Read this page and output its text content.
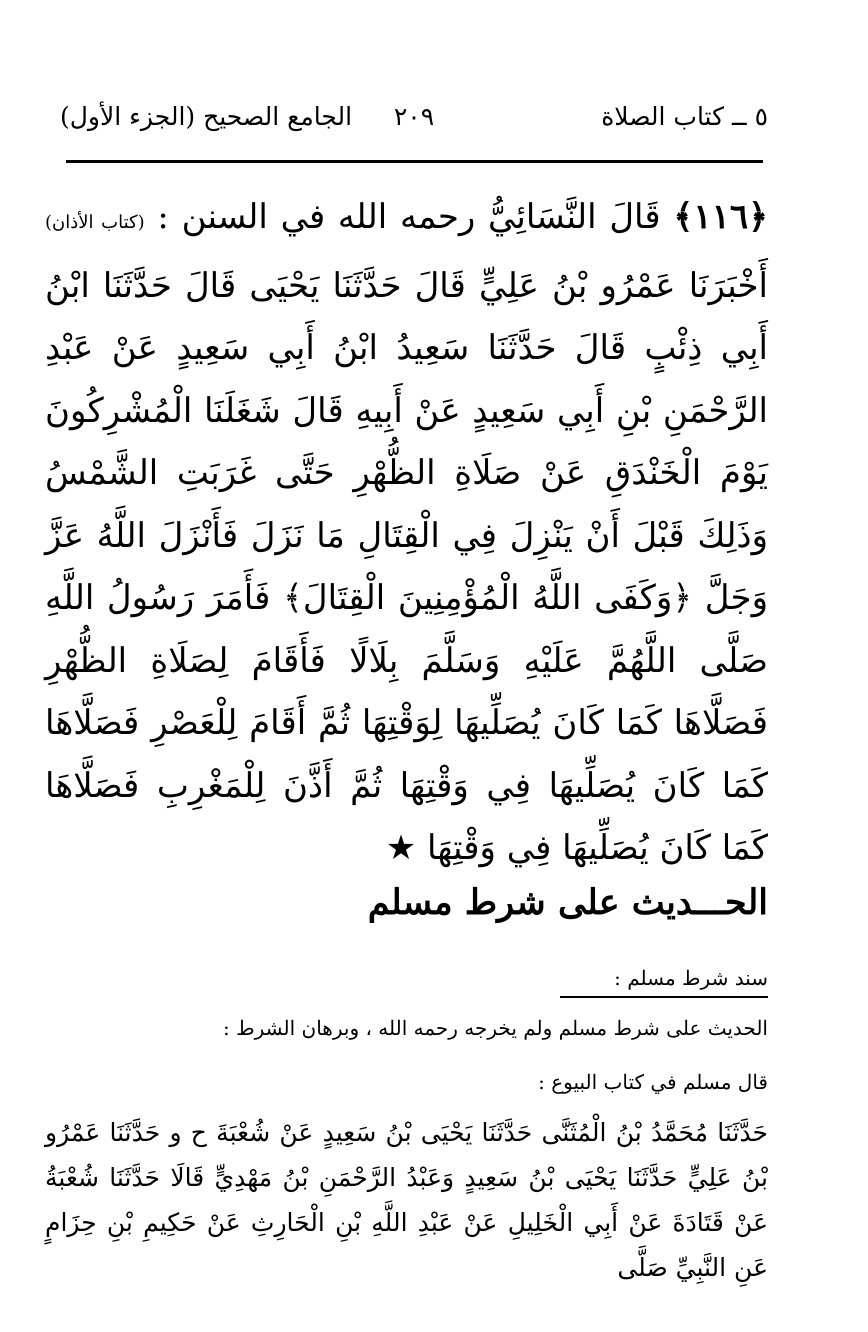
٥ ــ كتاب الصلاة
٢٠٩
الجامع الصحيح (الجزء الأول)

﴿١١٦﴾ قَالَ النَّسَائِيُّ رحمه الله في السنن : (كتاب الأذان) أَخْبَرَنَا عَمْرُو بْنُ عَلِيٍّ قَالَ حَدَّثَنَا يَحْيَى قَالَ حَدَّثَنَا ابْنُ أَبِي ذِئْبٍ قَالَ حَدَّثَنَا سَعِيدُ ابْنُ أَبِي سَعِيدٍ عَنْ عَبْدِ الرَّحْمَنِ بْنِ أَبِي سَعِيدٍ عَنْ أَبِيهِ قَالَ شَغَلَنَا الْمُشْرِكُونَ يَوْمَ الْخَنْدَقِ عَنْ صَلَاةِ الظُّهْرِ حَتَّى غَرَبَتِ الشَّمْسُ وَذَلِكَ قَبْلَ أَنْ يَنْزِلَ فِي الْقِتَالِ مَا نَزَلَ فَأَنْزَلَ اللَّهُ عَزَّ وَجَلَّ ﴿وَكَفَى اللَّهُ الْمُؤْمِنِينَ الْقِتَالَ﴾ فَأَمَرَ رَسُولُ اللَّهِ صَلَّى اللَّهُمَّ عَلَيْهِ وَسَلَّمَ بِلَالًا فَأَقَامَ لِصَلَاةِ الظُّهْرِ فَصَلَّاهَا كَمَا كَانَ يُصَلِّيهَا لِوَقْتِهَا ثُمَّ أَقَامَ لِلْعَصْرِ فَصَلَّاهَا كَمَا كَانَ يُصَلِّيهَا فِي وَقْتِهَا ثُمَّ أَذَّنَ لِلْمَغْرِبِ فَصَلَّاهَا كَمَا كَانَ يُصَلِّيهَا فِي وَقْتِهَا ★

الحـــديث على شرط مسلم

سند شرط مسلم :

الحديث على شرط مسلم ولم يخرجه رحمه الله ، وبرهان الشرط :

قال مسلم في كتاب البيوع :

حَدَّثَنَا مُحَمَّدُ بْنُ الْمُثَنَّى حَدَّثَنَا يَحْيَى بْنُ سَعِيدٍ عَنْ شُعْبَةَ ح و حَدَّثَنَا عَمْرُو بْنُ عَلِيٍّ حَدَّثَنَا يَحْيَى بْنُ سَعِيدٍ وَعَبْدُ الرَّحْمَنِ بْنُ مَهْدِيٍّ قَالَا حَدَّثَنَا شُعْبَةُ عَنْ قَتَادَةَ عَنْ أَبِي الْخَلِيلِ عَنْ عَبْدِ اللَّهِ بْنِ الْحَارِثِ عَنْ حَكِيمِ بْنِ حِزَامٍ عَنِ النَّبِيِّ صَلَّى
